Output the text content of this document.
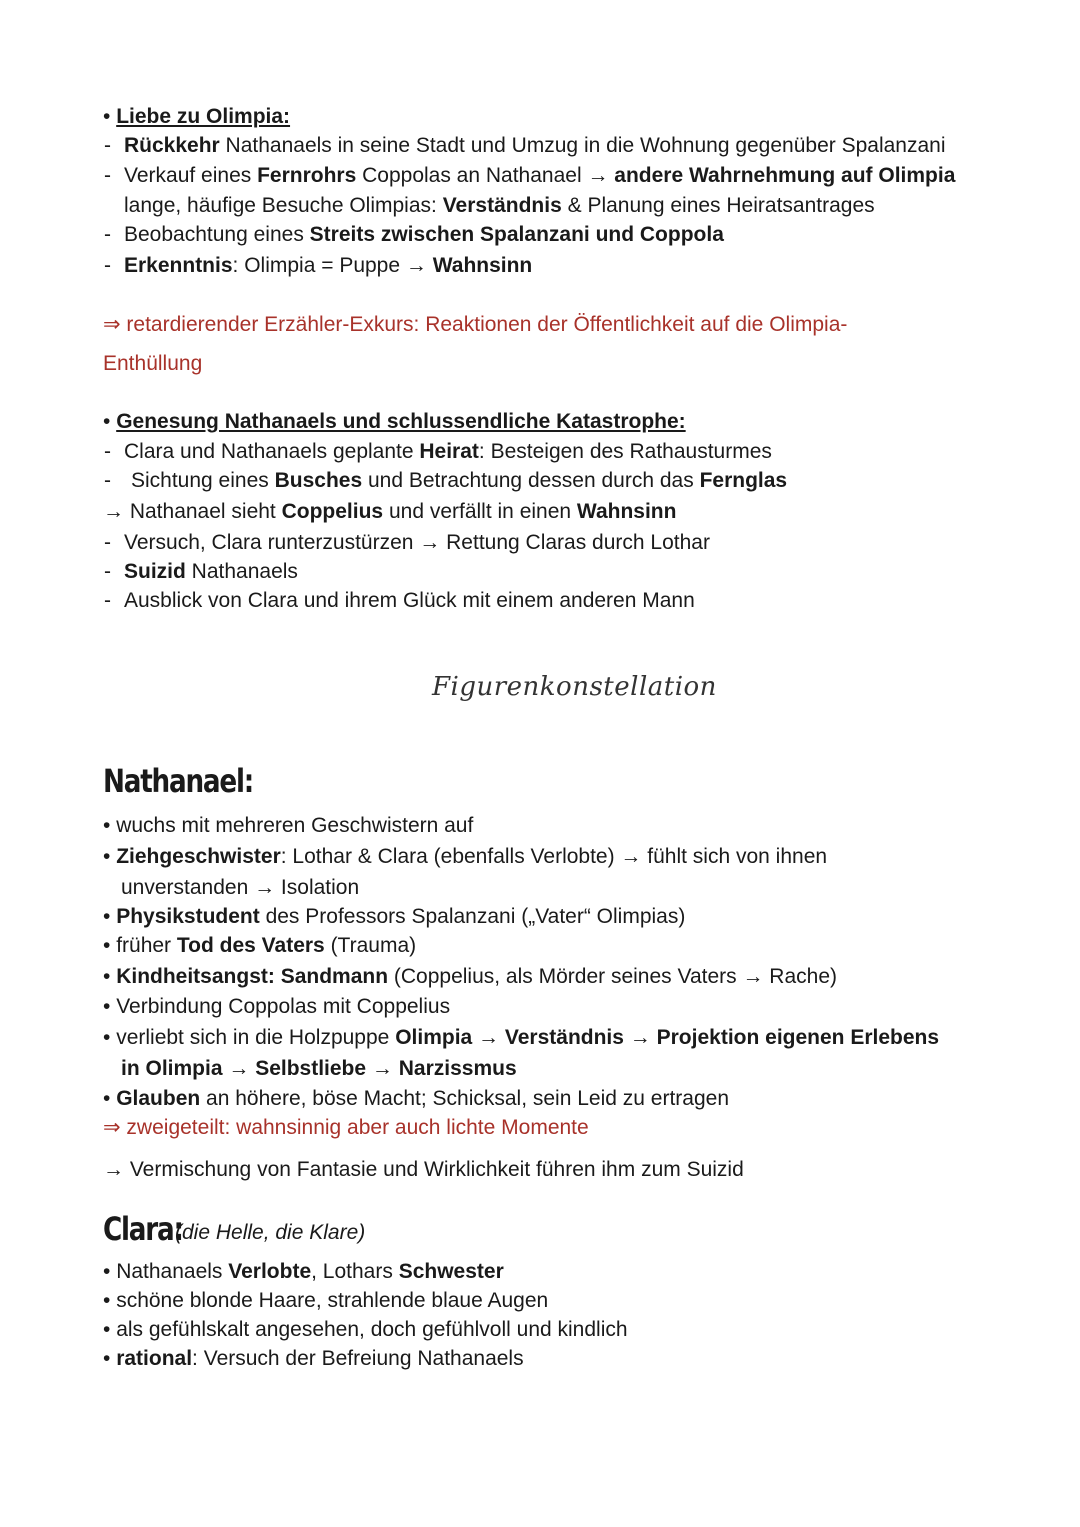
• Liebe zu Olimpia:
- Rückkehr Nathanaels in seine Stadt und Umzug in die Wohnung gegenüber Spalanzani
- Verkauf eines Fernrohrs Coppolas an Nathanael → andere Wahrnehmung auf Olimpia
lange, häufige Besuche Olimpias: Verständnis & Planung eines Heiratsantrages
- Beobachtung eines Streits zwischen Spalanzani und Coppola
- Erkenntnis: Olimpia = Puppe → Wahnsinn
⇒ retardierender Erzähler-Exkurs: Reaktionen der Öffentlichkeit auf die Olimpia-
Enthüllung
• Genesung Nathanaels und schlussendliche Katastrophe:
- Clara und Nathanaels geplante Heirat: Besteigen des Rathausturmes
- Sichtung eines Busches und Betrachtung dessen durch das Fernglas
→ Nathanael sieht Coppelius und verfällt in einen Wahnsinn
- Versuch, Clara runterzustürzen → Rettung Claras durch Lothar
- Suizid Nathanaels
- Ausblick von Clara und ihrem Glück mit einem anderen Mann
Figurenkonstellation
Nathanael:
• wuchs mit mehreren Geschwistern auf
• Ziehgeschwister: Lothar & Clara (ebenfalls Verlobte) → fühlt sich von ihnen
unverstanden → Isolation
• Physikstudent des Professors Spalanzani („Vater“ Olimpias)
• früher Tod des Vaters (Trauma)
• Kindheitsangst: Sandmann (Coppelius, als Mörder seines Vaters → Rache)
• Verbindung Coppolas mit Coppelius
• verliebt sich in die Holzpuppe Olimpia → Verständnis → Projektion eigenen Erlebens
in Olimpia → Selbstliebe → Narzissmus
• Glauben an höhere, böse Macht; Schicksal, sein Leid zu ertragen
⇒ zweigeteilt: wahnsinnig aber auch lichte Momente
→ Vermischung von Fantasie und Wirklichkeit führen ihm zum Suizid
Clara:
(die Helle, die Klare)
• Nathanaels Verlobte, Lothars Schwester
• schöne blonde Haare, strahlende blaue Augen
• als gefühlskalt angesehen, doch gefühlvoll und kindlich
• rational: Versuch der Befreiung Nathanaels
